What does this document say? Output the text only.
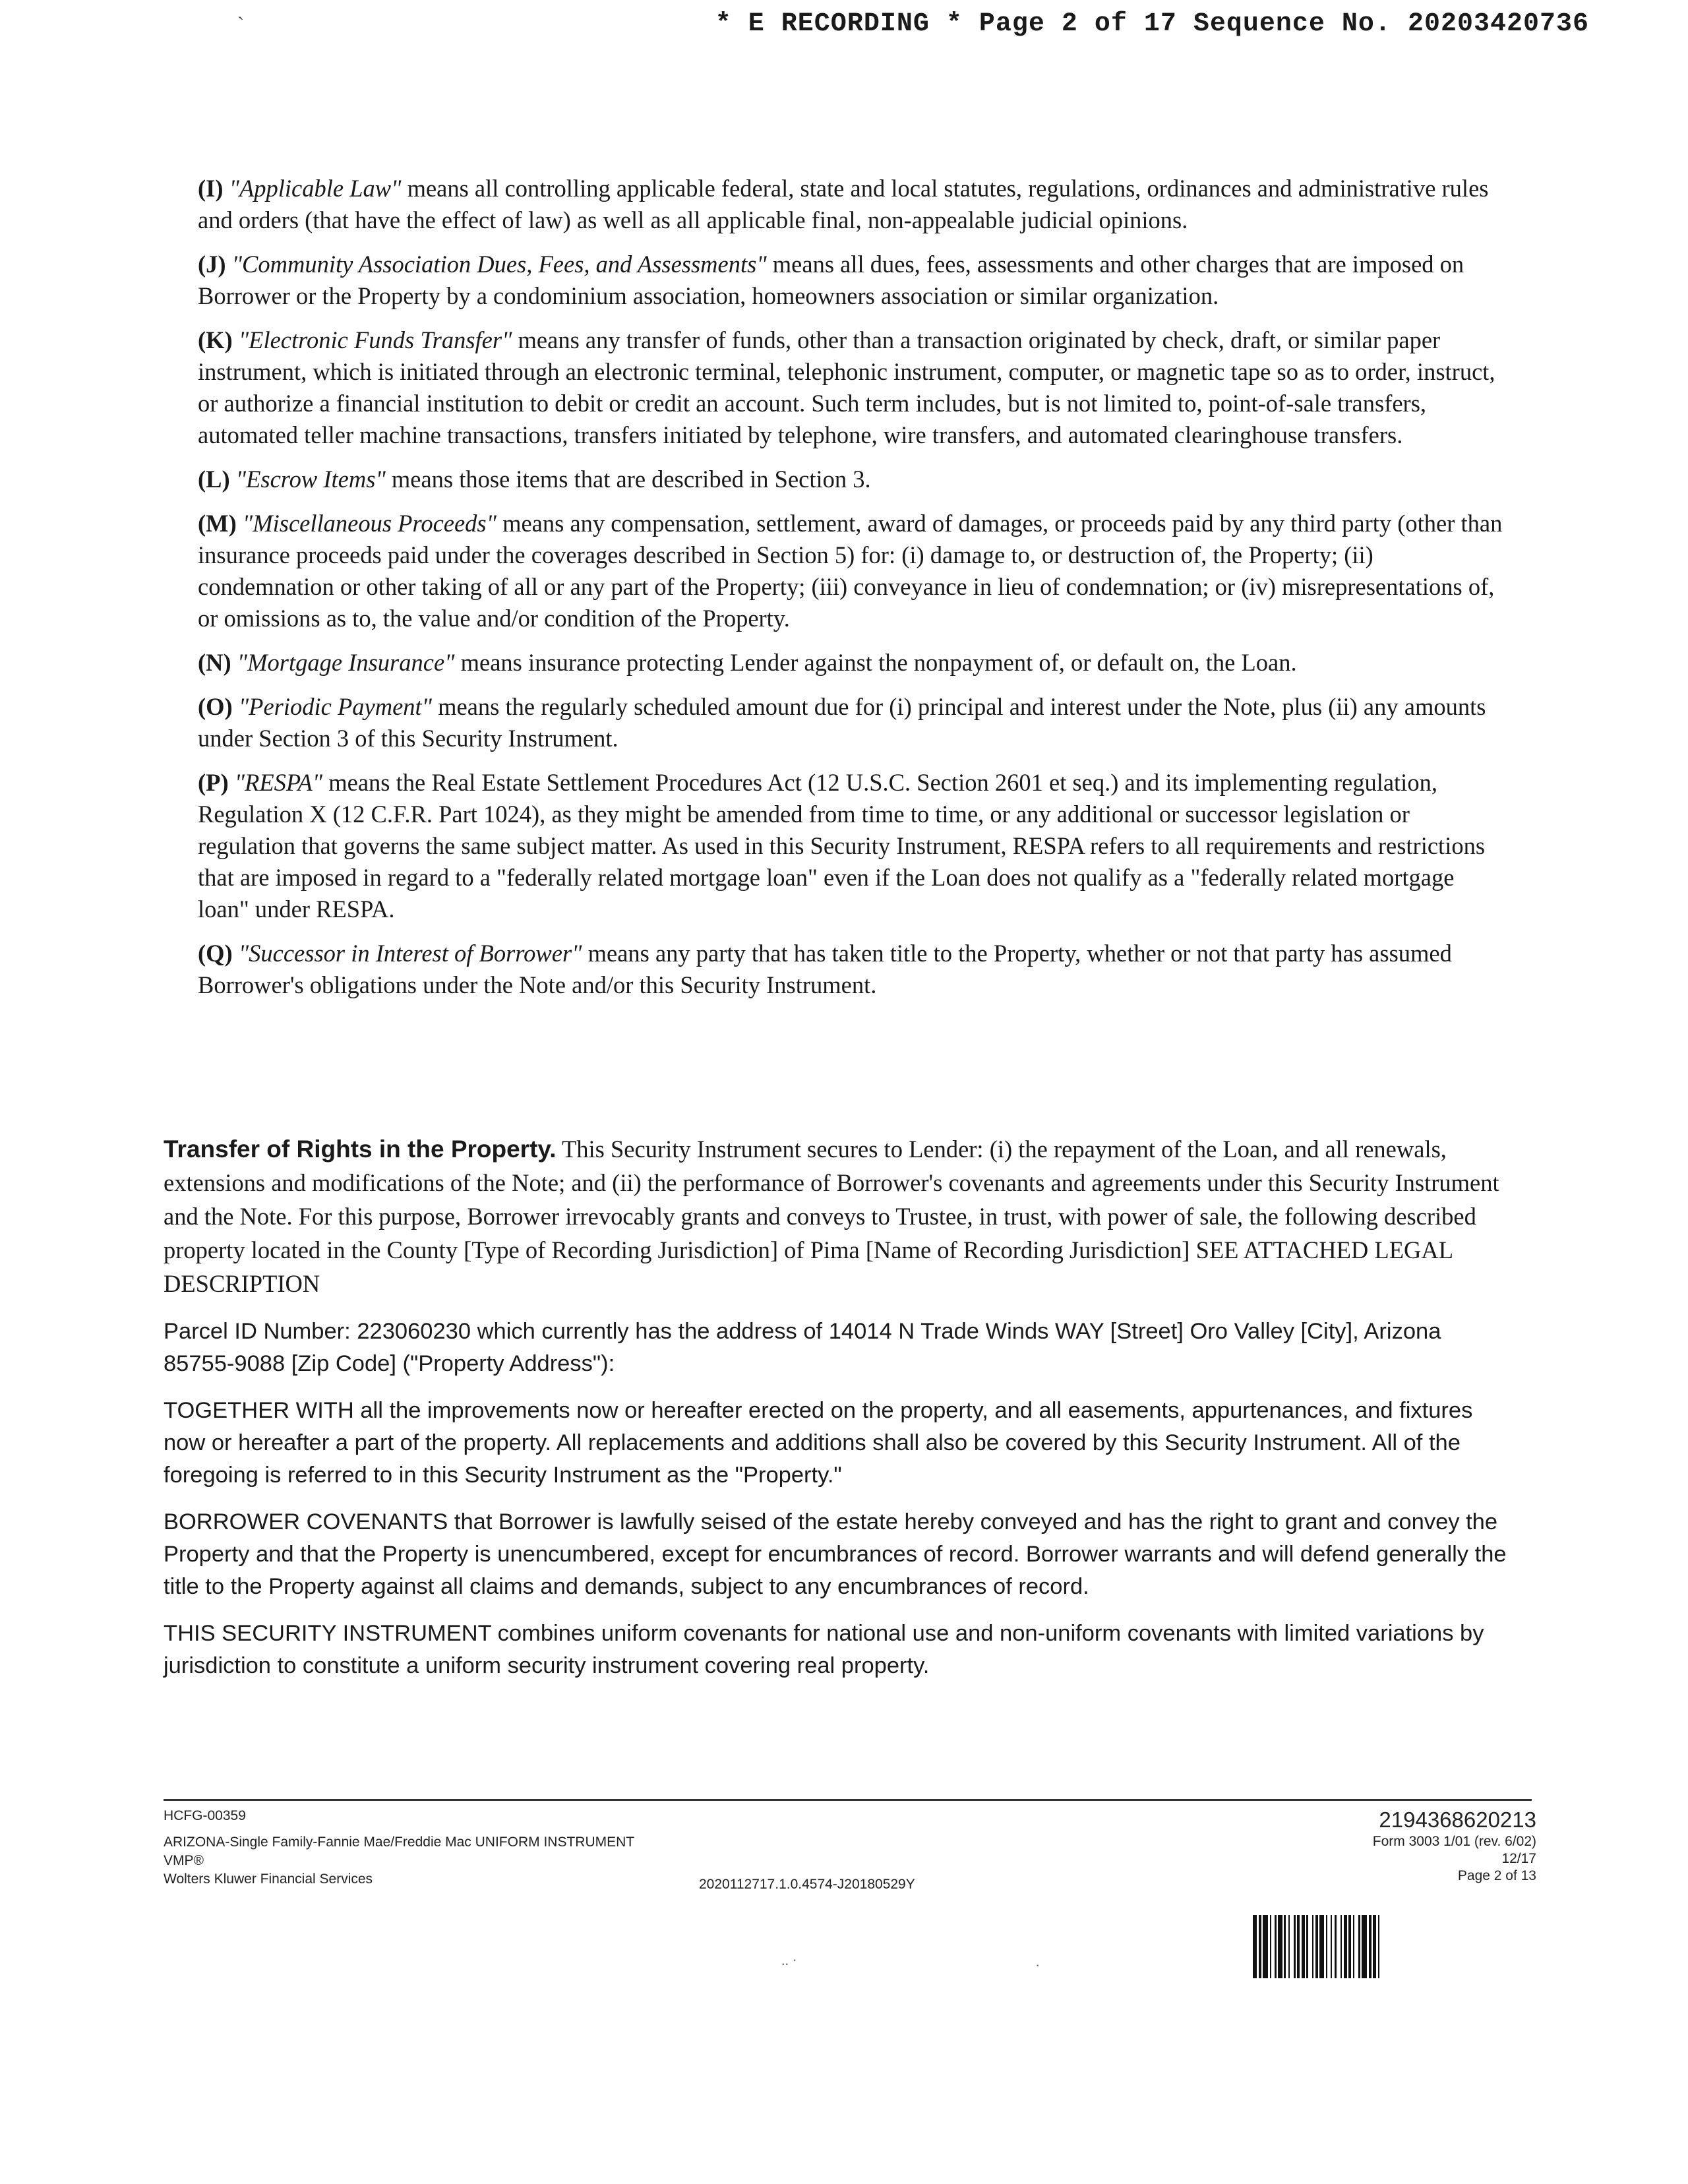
`	* E RECORDING * Page 2 of 17 Sequence No. 20203420736

(I) "Applicable Law" means all controlling applicable federal, state and local statutes, regulations, ordinances and administrative rules and orders (that have the effect of law) as well as all applicable final, non-appealable judicial opinions.

(J) "Community Association Dues, Fees, and Assessments" means all dues, fees, assessments and other charges that are imposed on Borrower or the Property by a condominium association, homeowners association or similar organization.

(K) "Electronic Funds Transfer" means any transfer of funds, other than a transaction originated by check, draft, or similar paper instrument, which is initiated through an electronic terminal, telephonic instrument, computer, or magnetic tape so as to order, instruct, or authorize a financial institution to debit or credit an account. Such term includes, but is not limited to, point-of-sale transfers, automated teller machine transactions, transfers initiated by telephone, wire transfers, and automated clearinghouse transfers.

(L) "Escrow Items" means those items that are described in Section 3.

(M) "Miscellaneous Proceeds" means any compensation, settlement, award of damages, or proceeds paid by any third party (other than insurance proceeds paid under the coverages described in Section 5) for: (i) damage to, or destruction of, the Property; (ii) condemnation or other taking of all or any part of the Property; (iii) conveyance in lieu of condemnation; or (iv) misrepresentations of, or omissions as to, the value and/or condition of the Property.

(N) "Mortgage Insurance" means insurance protecting Lender against the nonpayment of, or default on, the Loan.

(O) "Periodic Payment" means the regularly scheduled amount due for (i) principal and interest under the Note, plus (ii) any amounts under Section 3 of this Security Instrument.

(P) "RESPA" means the Real Estate Settlement Procedures Act (12 U.S.C. Section 2601 et seq.) and its implementing regulation, Regulation X (12 C.F.R. Part 1024), as they might be amended from time to time, or any additional or successor legislation or regulation that governs the same subject matter. As used in this Security Instrument, RESPA refers to all requirements and restrictions that are imposed in regard to a "federally related mortgage loan" even if the Loan does not qualify as a "federally related mortgage loan" under RESPA.

(Q) "Successor in Interest of Borrower" means any party that has taken title to the Property, whether or not that party has assumed Borrower's obligations under the Note and/or this Security Instrument.

Transfer of Rights in the Property. This Security Instrument secures to Lender: (i) the repayment of the Loan, and all renewals, extensions and modifications of the Note; and (ii) the performance of Borrower's covenants and agreements under this Security Instrument and the Note. For this purpose, Borrower irrevocably grants and conveys to Trustee, in trust, with power of sale, the following described property located in the County [Type of Recording Jurisdiction] of Pima [Name of Recording Jurisdiction] SEE ATTACHED LEGAL DESCRIPTION

Parcel ID Number: 223060230 which currently has the address of 14014 N Trade Winds WAY [Street] Oro Valley [City], Arizona 85755-9088 [Zip Code] ("Property Address"):

TOGETHER WITH all the improvements now or hereafter erected on the property, and all easements, appurtenances, and fixtures now or hereafter a part of the property. All replacements and additions shall also be covered by this Security Instrument. All of the foregoing is referred to in this Security Instrument as the "Property."

BORROWER COVENANTS that Borrower is lawfully seised of the estate hereby conveyed and has the right to grant and convey the Property and that the Property is unencumbered, except for encumbrances of record. Borrower warrants and will defend generally the title to the Property against all claims and demands, subject to any encumbrances of record.

THIS SECURITY INSTRUMENT combines uniform covenants for national use and non-uniform covenants with limited variations by jurisdiction to constitute a uniform security instrument covering real property.

HCFG-00359
ARIZONA-Single Family-Fannie Mae/Freddie Mac UNIFORM INSTRUMENT
VMP®
Wolters Kluwer Financial Services	2020112717.1.0.4574-J20180529Y
2194368620213
Form 3003 1/01 (rev. 6/02)
12/17
Page 2 of 13
.. ·	·
